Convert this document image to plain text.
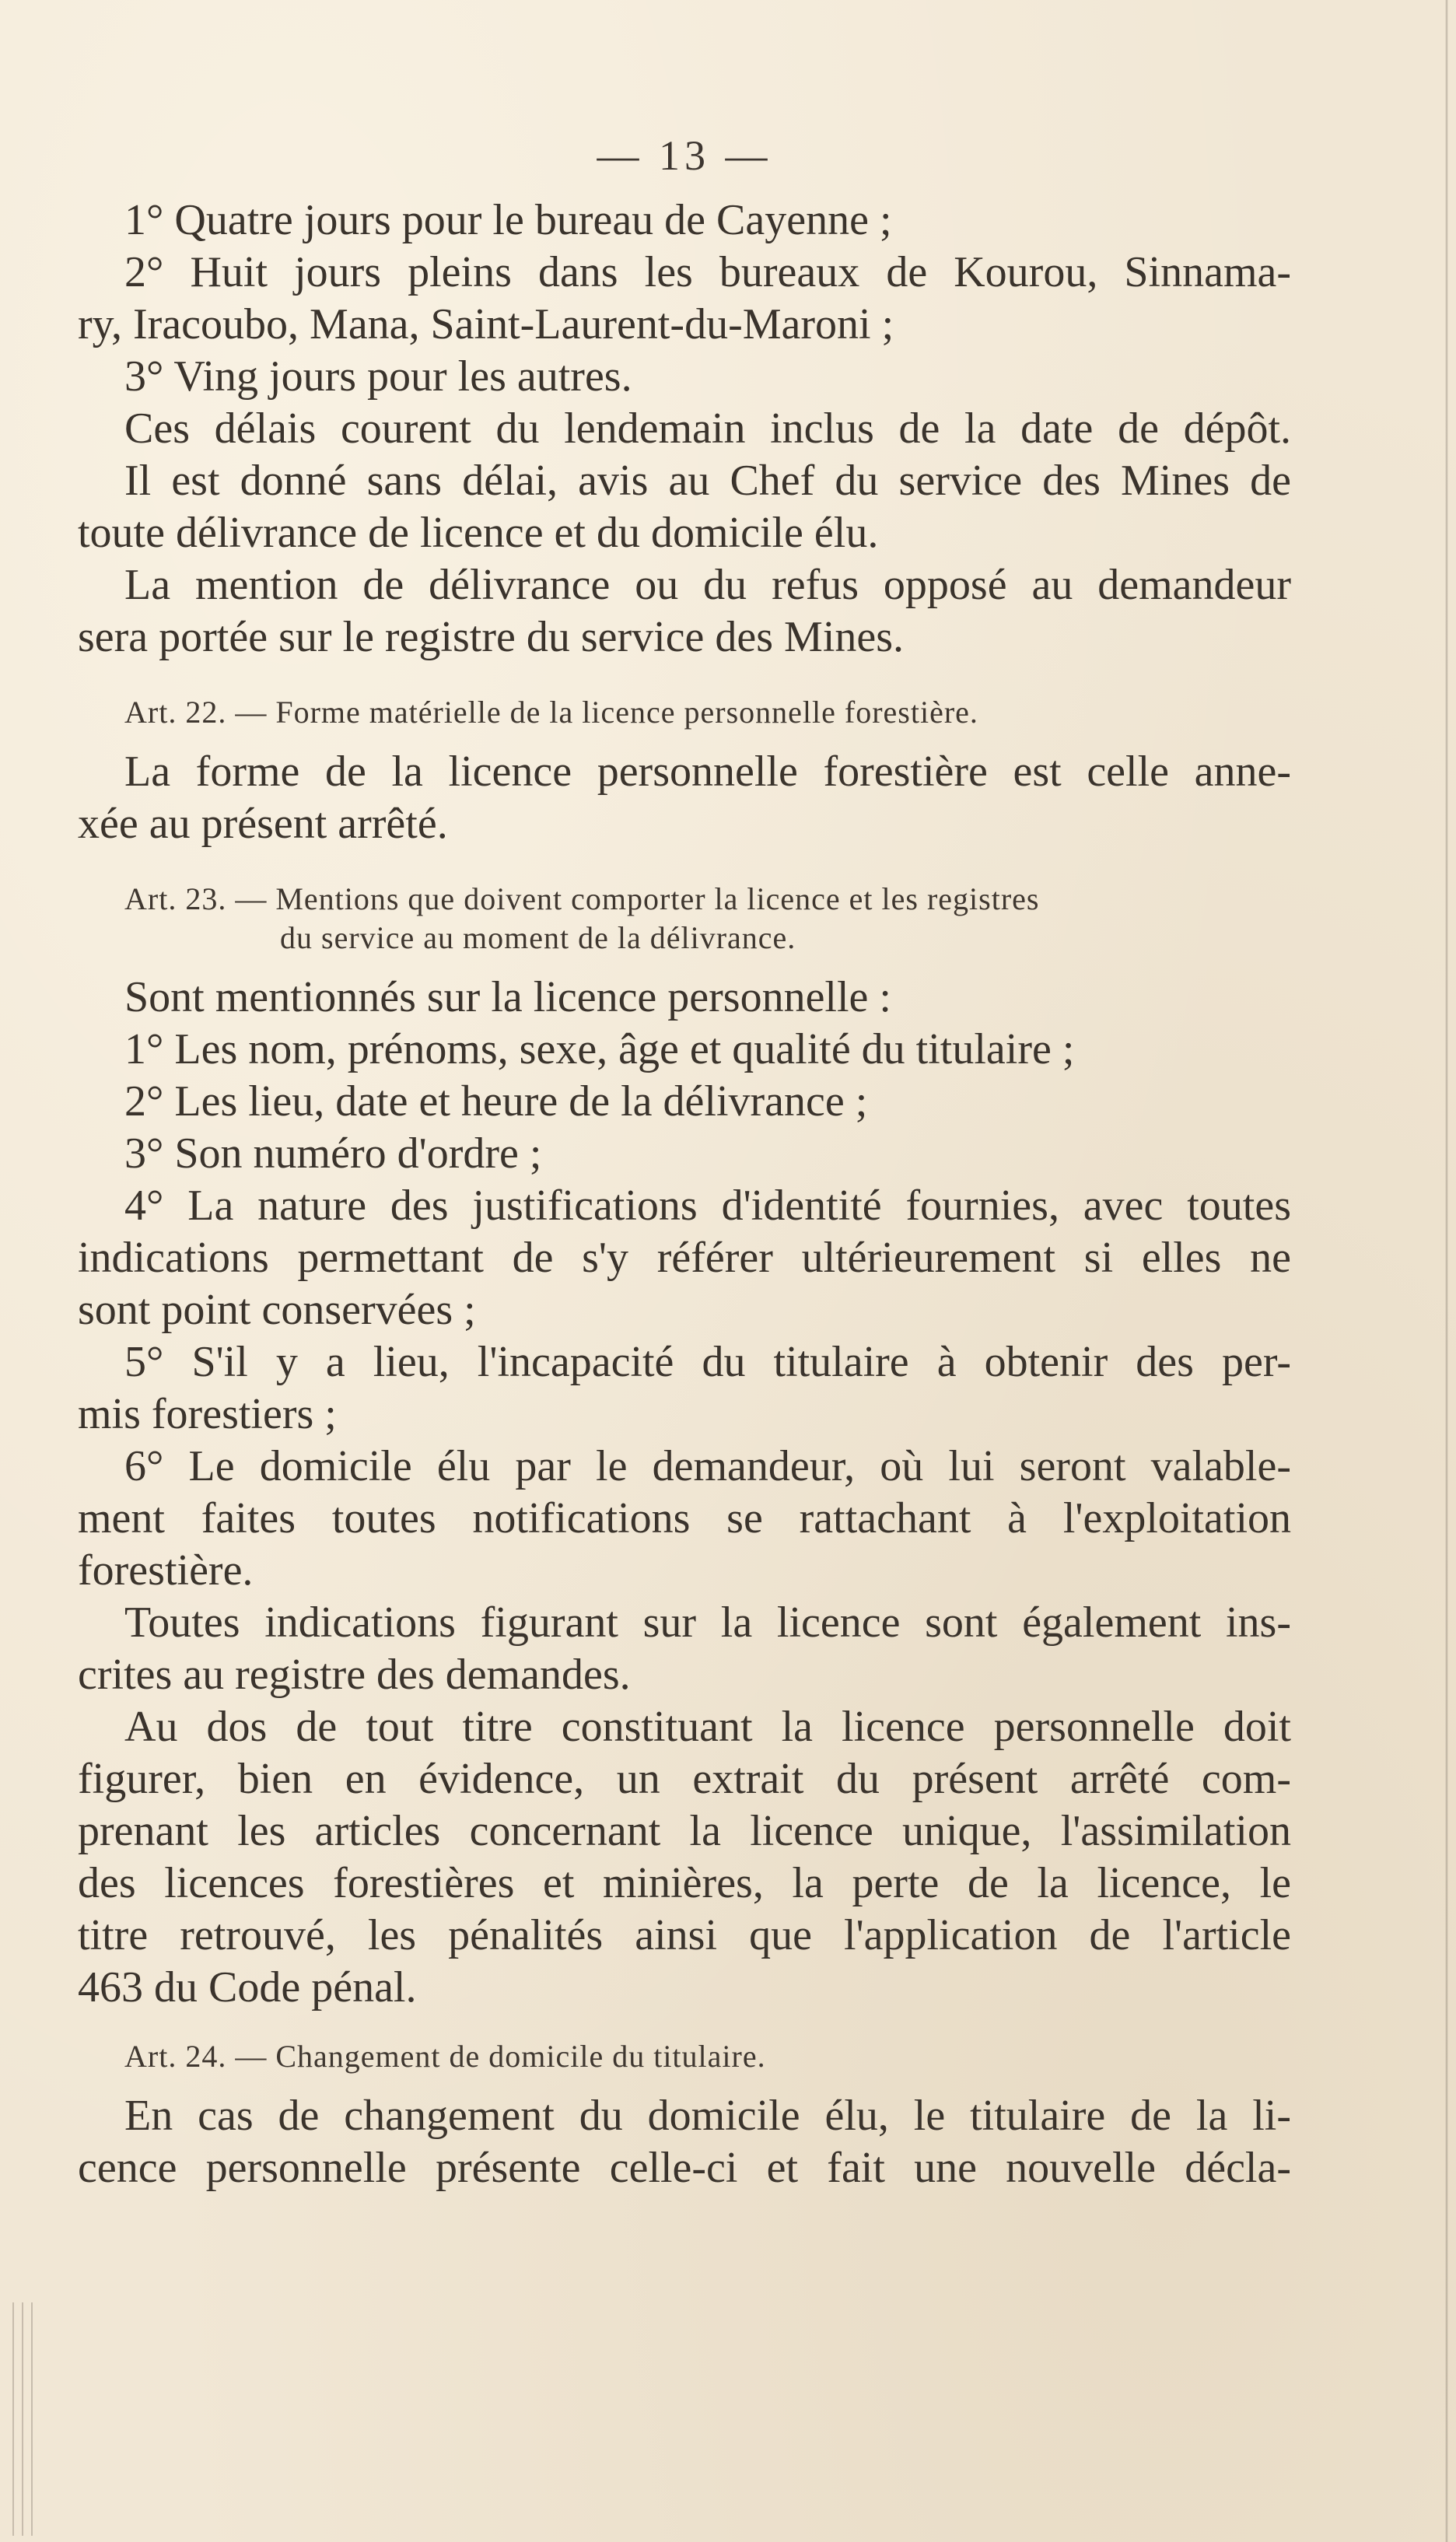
— 13 —
1° Quatre jours pour le bureau de Cayenne ;
2° Huit jours pleins dans les bureaux de Kourou, Sinnama-
ry, Iracoubo, Mana, Saint-Laurent-du-Maroni ;
3° Ving jours pour les autres.
Ces délais courent du lendemain inclus de la date de dépôt.
Il est donné sans délai, avis au Chef du service des Mines de
toute délivrance de licence et du domicile élu.
La mention de délivrance ou du refus opposé au demandeur
sera portée sur le registre du service des Mines.
Art. 22. — Forme matérielle de la licence personnelle forestière.
La forme de la licence personnelle forestière est celle anne-
xée au présent arrêté.
Art. 23. — Mentions que doivent comporter la licence et les registres
du service au moment de la délivrance.
Sont mentionnés sur la licence personnelle :
1° Les nom, prénoms, sexe, âge et qualité du titulaire ;
2° Les lieu, date et heure de la délivrance ;
3° Son numéro d'ordre ;
4° La nature des justifications d'identité fournies, avec toutes
indications permettant de s'y référer ultérieurement si elles ne
sont point conservées ;
5° S'il y a lieu, l'incapacité du titulaire à obtenir des per-
mis forestiers ;
6° Le domicile élu par le demandeur, où lui seront valable-
ment faites toutes notifications se rattachant à l'exploitation
forestière.
Toutes indications figurant sur la licence sont également ins-
crites au registre des demandes.
Au dos de tout titre constituant la licence personnelle doit
figurer, bien en évidence, un extrait du présent arrêté com-
prenant les articles concernant la licence unique, l'assimilation
des licences forestières et minières, la perte de la licence, le
titre retrouvé, les pénalités ainsi que l'application de l'article
463 du Code pénal.
Art. 24. — Changement de domicile du titulaire.
En cas de changement du domicile élu, le titulaire de la li-
cence personnelle présente celle-ci et fait une nouvelle décla-
